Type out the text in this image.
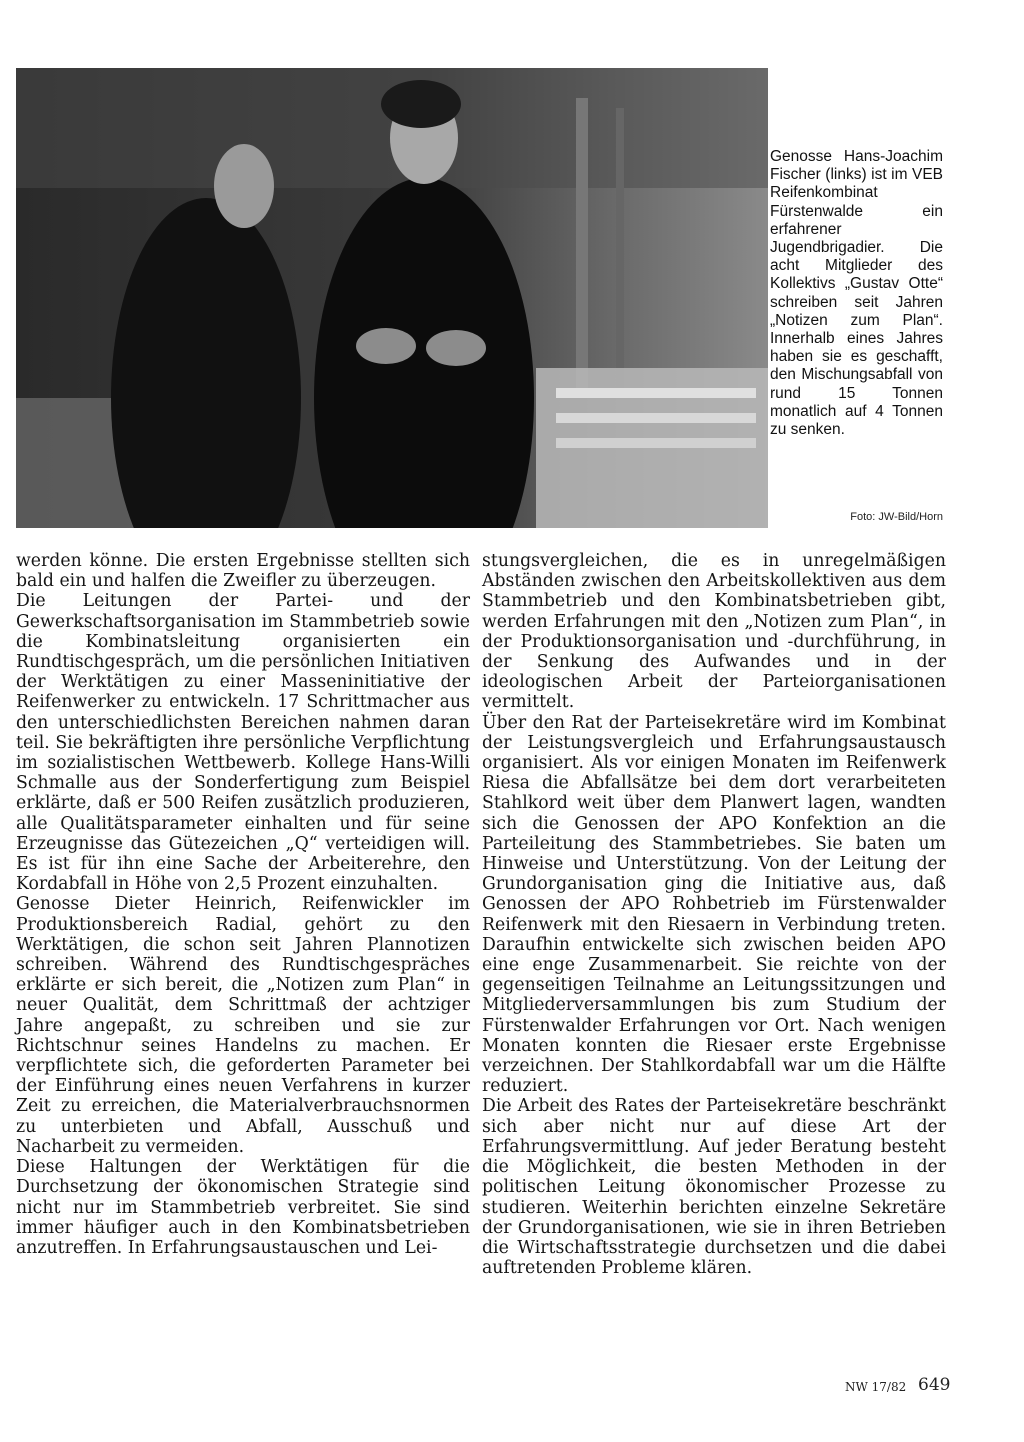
Genosse Hans-Joachim Fischer (links) ist im VEB Reifenkombinat Fürstenwalde ein erfahrener Jugendbrigadier. Die acht Mitglieder des Kollektivs „Gustav Otte“ schreiben seit Jahren „Notizen zum Plan“. Innerhalb eines Jahres haben sie es geschafft, den Mischungsabfall von rund 15 Tonnen monatlich auf 4 Tonnen zu senken.

Foto: JW-Bild/Horn

werden könne. Die ersten Ergebnisse stellten sich bald ein und halfen die Zweifler zu überzeugen.

Die Leitungen der Partei- und der Gewerkschaftsorganisation im Stammbetrieb sowie die Kombinatsleitung organisierten ein Rundtischgespräch, um die persönlichen Initiativen der Werktätigen zu einer Masseninitiative der Reifenwerker zu entwickeln. 17 Schrittmacher aus den unterschiedlichsten Bereichen nahmen daran teil. Sie bekräftigten ihre persönliche Verpflichtung im sozialistischen Wettbewerb. Kollege Hans-Willi Schmalle aus der Sonderfertigung zum Beispiel erklärte, daß er 500 Reifen zusätzlich produzieren, alle Qualitätsparameter einhalten und für seine Erzeugnisse das Gütezeichen „Q“ verteidigen will. Es ist für ihn eine Sache der Arbeiterehre, den Kordabfall in Höhe von 2,5 Prozent einzuhalten.

Genosse Dieter Heinrich, Reifenwickler im Produktionsbereich Radial, gehört zu den Werktätigen, die schon seit Jahren Plannotizen schreiben. Während des Rundtischgespräches erklärte er sich bereit, die „Notizen zum Plan“ in neuer Qualität, dem Schrittmaß der achtziger Jahre angepaßt, zu schreiben und sie zur Richtschnur seines Handelns zu machen. Er verpflichtete sich, die geforderten Parameter bei der Einführung eines neuen Verfahrens in kurzer Zeit zu erreichen, die Materialverbrauchsnormen zu unterbieten und Abfall, Ausschuß und Nacharbeit zu vermeiden.

Diese Haltungen der Werktätigen für die Durchsetzung der ökonomischen Strategie sind nicht nur im Stammbetrieb verbreitet. Sie sind immer häufiger auch in den Kombinatsbetrieben anzutreffen. In Erfahrungsaustauschen und Lei-

stungsvergleichen, die es in unregelmäßigen Abständen zwischen den Arbeitskollektiven aus dem Stammbetrieb und den Kombinatsbetrieben gibt, werden Erfahrungen mit den „Notizen zum Plan“, in der Produktionsorganisation und -durchführung, in der Senkung des Aufwandes und in der ideologischen Arbeit der Parteiorganisationen vermittelt.

Über den Rat der Parteisekretäre wird im Kombinat der Leistungsvergleich und Erfahrungsaustausch organisiert. Als vor einigen Monaten im Reifenwerk Riesa die Abfallsätze bei dem dort verarbeiteten Stahlkord weit über dem Planwert lagen, wandten sich die Genossen der APO Konfektion an die Parteileitung des Stammbetriebes. Sie baten um Hinweise und Unterstützung. Von der Leitung der Grundorganisation ging die Initiative aus, daß Genossen der APO Rohbetrieb im Fürstenwalder Reifenwerk mit den Riesaern in Verbindung treten. Daraufhin entwickelte sich zwischen beiden APO eine enge Zusammenarbeit. Sie reichte von der gegenseitigen Teilnahme an Leitungssitzungen und Mitgliederversammlungen bis zum Studium der Fürstenwalder Erfahrungen vor Ort. Nach wenigen Monaten konnten die Riesaer erste Ergebnisse verzeichnen. Der Stahlkordabfall war um die Hälfte reduziert.

Die Arbeit des Rates der Parteisekretäre beschränkt sich aber nicht nur auf diese Art der Erfahrungsvermittlung. Auf jeder Beratung besteht die Möglichkeit, die besten Methoden in der politischen Leitung ökonomischer Prozesse zu studieren. Weiterhin berichten einzelne Sekretäre der Grundorganisationen, wie sie in ihren Betrieben die Wirtschaftsstrategie durchsetzen und die dabei auftretenden Probleme klären.

NW 17/82 649
